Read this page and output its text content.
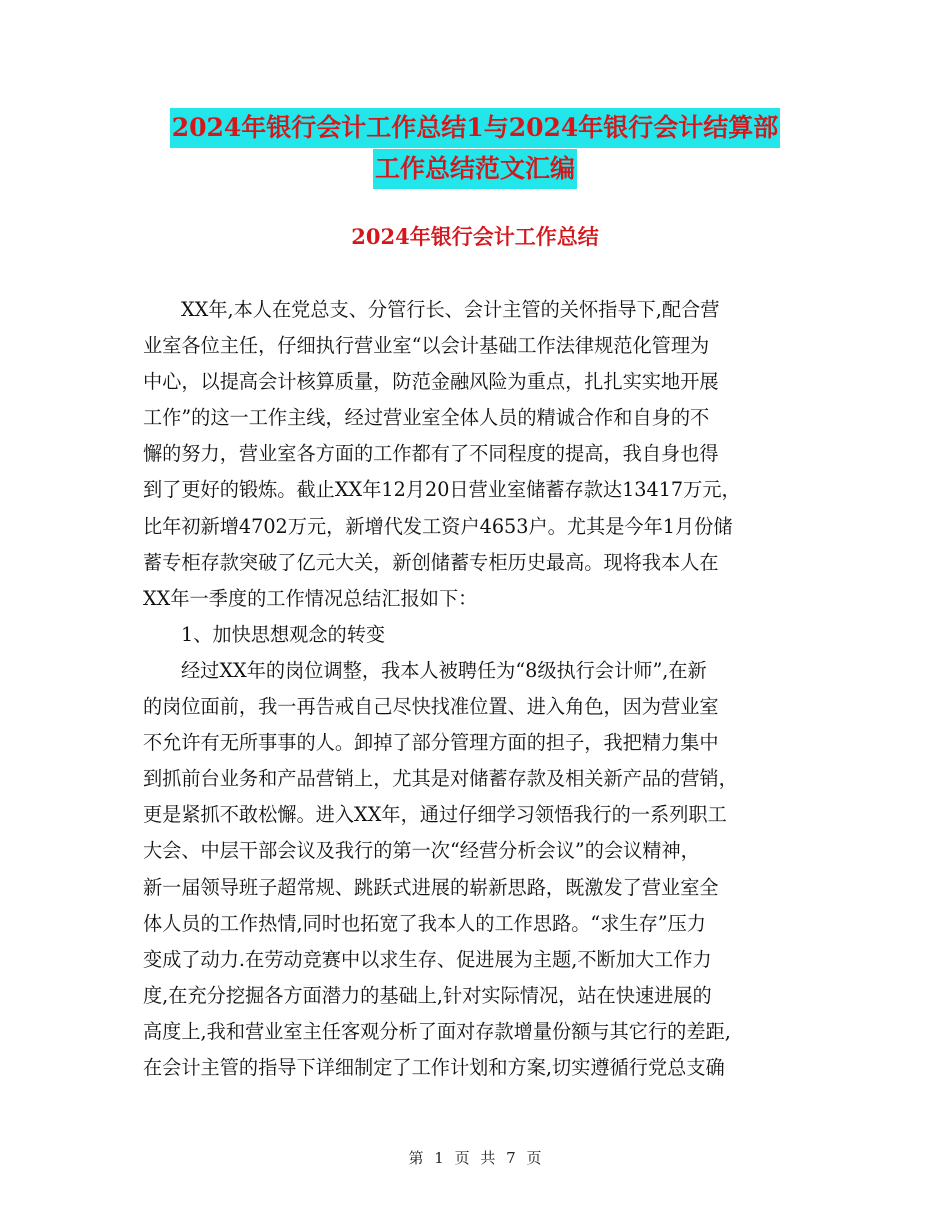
2024年银行会计工作总结1与2024年银行会计结算部
工作总结范文汇编
2024年银行会计工作总结
XX年,本人在党总支、分管行长、会计主管的关怀指导下,配合营
业室各位主任，仔细执行营业室“以会计基础工作法律规范化管理为
中心，以提高会计核算质量，防范金融风险为重点，扎扎实实地开展
工作”的这一工作主线，经过营业室全体人员的精诚合作和自身的不
懈的努力，营业室各方面的工作都有了不同程度的提高，我自身也得
到了更好的锻炼。截止XX年12月20日营业室储蓄存款达13417万元，
比年初新增4702万元，新增代发工资户4653户。尤其是今年1月份储
蓄专柜存款突破了亿元大关，新创储蓄专柜历史最高。现将我本人在
XX年一季度的工作情况总结汇报如下：
1、加快思想观念的转变
经过XX年的岗位调整，我本人被聘任为“8级执行会计师”,在新
的岗位面前，我一再告戒自己尽快找准位置、进入角色，因为营业室
不允许有无所事事的人。卸掉了部分管理方面的担子，我把精力集中
到抓前台业务和产品营销上，尤其是对储蓄存款及相关新产品的营销，
更是紧抓不敢松懈。进入XX年，通过仔细学习领悟我行的一系列职工
大会、中层干部会议及我行的第一次“经营分析会议”的会议精神，
新一届领导班子超常规、跳跃式进展的崭新思路，既激发了营业室全
体人员的工作热情,同时也拓宽了我本人的工作思路。“求生存”压力
变成了动力.在劳动竞赛中以求生存、促进展为主题,不断加大工作力
度,在充分挖掘各方面潜力的基础上,针对实际情况，站在快速进展的
高度上,我和营业室主任客观分析了面对存款增量份额与其它行的差距,
在会计主管的指导下详细制定了工作计划和方案,切实遵循行党总支确
第 1 页 共 7 页
